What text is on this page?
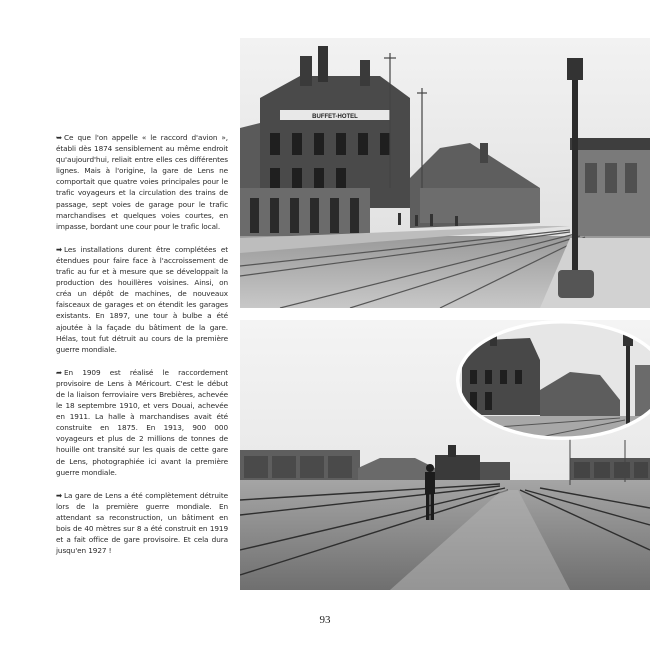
➥ Ce que l'on appelle « le raccord d'avion », établi dès 1874 sensiblement au même endroit qu'aujourd'hui, reliait entre elles ces différentes lignes. Mais à l'origine, la gare de Lens ne comportait que quatre voies principales pour le trafic voyageurs et la circulation des trains de passage, sept voies de garage pour le trafic marchandises et quelques voies courtes, en impasse, bordant une cour pour le trafic local.

➡ Les installations durent être complétées et étendues pour faire face à l'accroissement de trafic au fur et à mesure que se développait la production des houillères voisines. Ainsi, on créa un dépôt de machines, de nouveaux faisceaux de garages et on étendit les garages existants. En 1897, une tour à bulbe a été ajoutée à la façade du bâtiment de la gare. Hélas, tout fut détruit au cours de la première guerre mondiale.

➦ En 1909 est réalisé le raccordement provisoire de Lens à Méricourt. C'est le début de la liaison ferroviaire vers Brebières, achevée le 18 septembre 1910, et vers Douai, achevée en 1911. La halle à marchandises avait été construite en 1875. En 1913, 900 000 voyageurs et plus de 2 millions de tonnes de houille ont transité sur les quais de cette gare de Lens, photographiée ici avant la première guerre mondiale.

➡ La gare de Lens a été complètement détruite lors de la première guerre mondiale. En attendant sa reconstruction, un bâtiment en bois de 40 mètres sur 8 a été construit en 1919 et a fait office de gare provisoire. Et cela dura jusqu'en 1927 !

BUFFET-HOTEL
93
